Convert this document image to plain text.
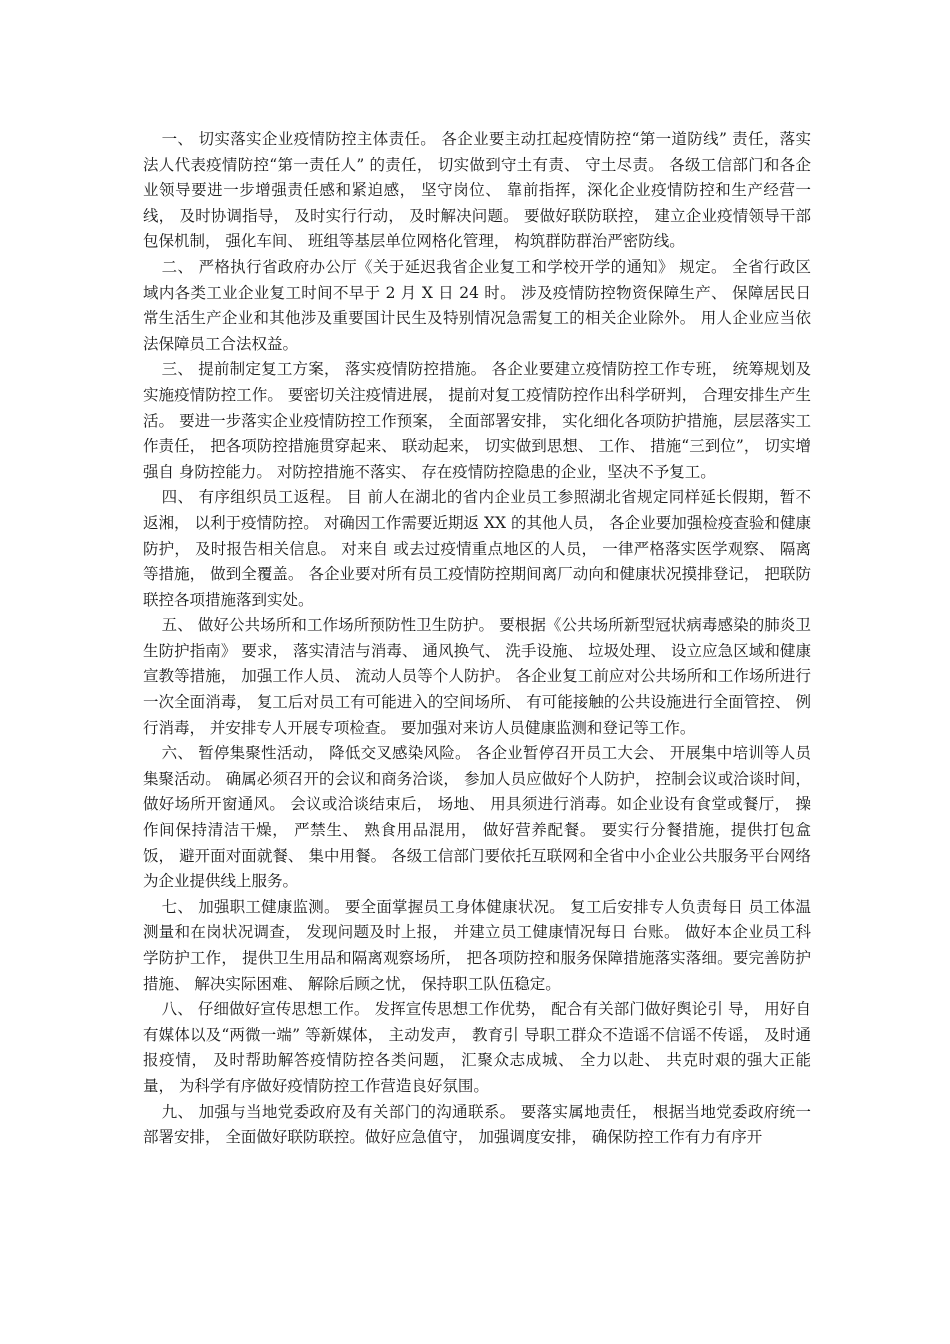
一、 切实落实企业疫情防控主体责任。 各企业要主动扛起疫情防控“第一道防线” 责任，落实法人代表疫情防控“第一责任人” 的责任， 切实做到守土有责、 守土尽责。 各级工信部门和各企业领导要进一步增强责任感和紧迫感， 坚守岗位、 靠前指挥，深化企业疫情防控和生产经营一线， 及时协调指导， 及时实行行动， 及时解决问题。 要做好联防联控， 建立企业疫情领导干部包保机制， 强化车间、 班组等基层单位网格化管理， 构筑群防群治严密防线。

二、 严格执行省政府办公厅《关于延迟我省企业复工和学校开学的通知》 规定。 全省行政区域内各类工业企业复工时间不早于 2 月 X 日 24 时。 涉及疫情防控物资保障生产、 保障居民日常生活生产企业和其他涉及重要国计民生及特别情况急需复工的相关企业除外。 用人企业应当依法保障员工合法权益。

三、 提前制定复工方案， 落实疫情防控措施。 各企业要建立疫情防控工作专班， 统筹规划及实施疫情防控工作。 要密切关注疫情进展， 提前对复工疫情防控作出科学研判， 合理安排生产生活。 要进一步落实企业疫情防控工作预案， 全面部署安排， 实化细化各项防护措施，层层落实工作责任， 把各项防控措施贯穿起来、 联动起来， 切实做到思想、 工作、 措施“三到位”， 切实增强自 身防控能力。 对防控措施不落实、 存在疫情防控隐患的企业，坚决不予复工。

四、 有序组织员工返程。 目 前人在湖北的省内企业员工参照湖北省规定同样延长假期，暂不返湘， 以利于疫情防控。 对确因工作需要近期返 XX 的其他人员， 各企业要加强检疫查验和健康防护， 及时报告相关信息。 对来自 或去过疫情重点地区的人员， 一律严格落实医学观察、 隔离等措施， 做到全覆盖。 各企业要对所有员工疫情防控期间离厂动向和健康状况摸排登记， 把联防联控各项措施落到实处。

五、 做好公共场所和工作场所预防性卫生防护。 要根据《公共场所新型冠状病毒感染的肺炎卫生防护指南》 要求， 落实清洁与消毒、 通风换气、 洗手设施、 垃圾处理、 设立应急区域和健康宣教等措施， 加强工作人员、 流动人员等个人防护。 各企业复工前应对公共场所和工作场所进行一次全面消毒， 复工后对员工有可能进入的空间场所、 有可能接触的公共设施进行全面管控、 例行消毒， 并安排专人开展专项检查。 要加强对来访人员健康监测和登记等工作。

六、 暂停集聚性活动， 降低交叉感染风险。 各企业暂停召开员工大会、 开展集中培训等人员集聚活动。 确属必须召开的会议和商务洽谈， 参加人员应做好个人防护， 控制会议或洽谈时间，做好场所开窗通风。 会议或洽谈结束后， 场地、 用具须进行消毒。如企业设有食堂或餐厅， 操作间保持清洁干燥， 严禁生、 熟食用品混用， 做好营养配餐。 要实行分餐措施，提供打包盒饭， 避开面对面就餐、 集中用餐。 各级工信部门要依托互联网和全省中小企业公共服务平台网络为企业提供线上服务。

七、 加强职工健康监测。 要全面掌握员工身体健康状况。 复工后安排专人负责每日 员工体温测量和在岗状况调查， 发现问题及时上报， 并建立员工健康情况每日 台账。 做好本企业员工科学防护工作， 提供卫生用品和隔离观察场所， 把各项防控和服务保障措施落实落细。要完善防护措施、 解决实际困难、 解除后顾之忧， 保持职工队伍稳定。

八、 仔细做好宣传思想工作。 发挥宣传思想工作优势， 配合有关部门做好舆论引 导， 用好自 有媒体以及“两微一端” 等新媒体， 主动发声， 教育引 导职工群众不造谣不信谣不传谣， 及时通报疫情， 及时帮助解答疫情防控各类问题， 汇聚众志成城、 全力以赴、 共克时艰的强大正能量， 为科学有序做好疫情防控工作营造良好氛围。

九、 加强与当地党委政府及有关部门的沟通联系。 要落实属地责任， 根据当地党委政府统一部署安排， 全面做好联防联控。做好应急值守， 加强调度安排， 确保防控工作有力有序开
